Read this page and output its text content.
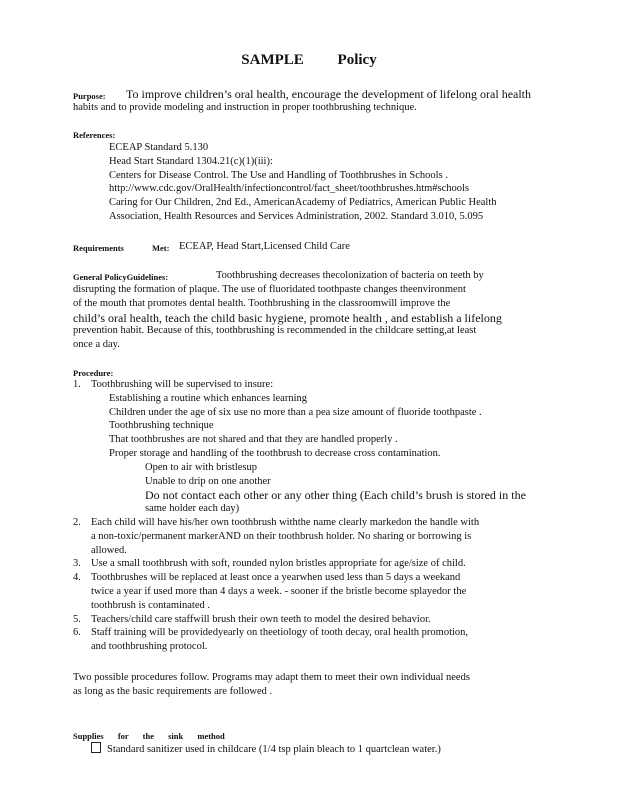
SAMPLE Policy
Purpose: To improve children’s oral health, encourage the development of lifelong oral health
habits and to provide modeling and instruction in proper toothbrushing technique.
References:
ECEAP Standard 5.130
Head Start Standard 1304.21(c)(1)(iii):
Centers for Disease Control. The Use and Handling of Toothbrushes in Schools .
http://www.cdc.gov/OralHealth/infectioncontrol/fact_sheet/toothbrushes.htm#schools
Caring for Our Children, 2nd Ed., AmericanAcademy of Pediatrics, American Public Health
Association, Health Resources and Services Administration, 2002. Standard 3.010, 5.095
Requirements Met: ECEAP, Head Start,Licensed Child Care
General PolicyGuidelines:	Toothbrushing decreases thecolonization of bacteria on teeth by
disrupting the formation of plaque. The use of fluoridated toothpaste changes theenvironment
of the mouth that promotes dental health. Toothbrushing in the classroomwill improve the
child’s oral health, teach the child basic hygiene, promote health , and establish a lifelong
prevention habit. Because of this, toothbrushing is recommended in the childcare setting,at least
once a day.
Procedure:
1. Toothbrushing will be supervised to insure:
Establishing a routine which enhances learning
Children under the age of six use no more than a pea size amount of fluoride toothpaste .
Toothbrushing technique
That toothbrushes are not shared and that they are handled properly .
Proper storage and handling of the toothbrush to decrease cross contamination.
Open to air with bristlesup
Unable to drip on one another
Do not contact each other or any other thing (Each child’s brush is stored in the
same holder each day)
2. Each child will have his/her own toothbrush withthe name clearly markedon the handle with
a non-toxic/permanent markerAND on their toothbrush holder. No sharing or borrowing is
allowed.
3. Use a small toothbrush with soft, rounded nylon bristles appropriate for age/size of child.
4. Toothbrushes will be replaced at least once a yearwhen used less than 5 days a weekand
twice a year if used more than 4 days a week. - sooner if the bristle become splayedor the
toothbrush is contaminated .
5. Teachers/child care staffwill brush their own teeth to model the desired behavior.
6. Staff training will be providedyearly on theetiology of tooth decay, oral health promotion,
and toothbrushing protocol.
Two possible procedures follow. Programs may adapt them to meet their own individual needs
as long as the basic requirements are followed .
Supplies for the sink method
Standard sanitizer used in childcare (1/4 tsp plain bleach to 1 quartclean water.)
